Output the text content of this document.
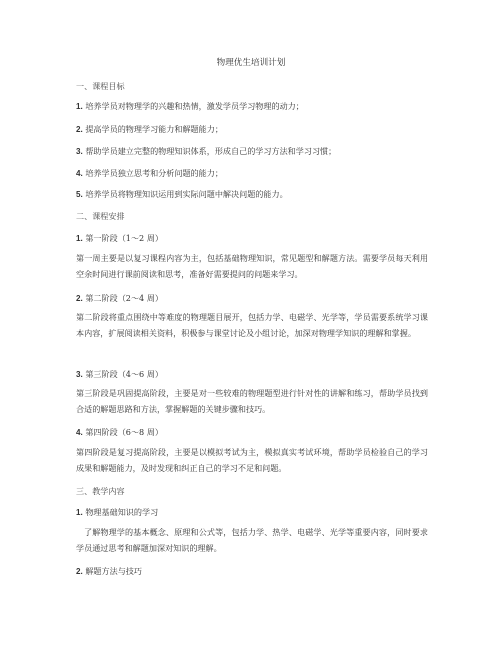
物理优生培训计划
一、课程目标
1. 培养学员对物理学的兴趣和热情，激发学员学习物理的动力；
2. 提高学员的物理学习能力和解题能力；
3. 帮助学员建立完整的物理知识体系，形成自己的学习方法和学习习惯；
4. 培养学员独立思考和分析问题的能力；
5. 培养学员将物理知识运用到实际问题中解决问题的能力。
二、课程安排
1. 第一阶段（1～2 周）
第一周主要是以复习课程内容为主，包括基础物理知识，常见题型和解题方法。需要学员每天利用空余时间进行课前阅读和思考，准备好需要提问的问题来学习。
2. 第二阶段（2～4 周）
第二阶段将重点围绕中等难度的物理题目展开，包括力学、电磁学、光学等，学员需要系统学习课本内容，扩展阅读相关资料，积极参与课堂讨论及小组讨论，加深对物理学知识的理解和掌握。
3. 第三阶段（4～6 周）
第三阶段是巩固提高阶段，主要是对一些较难的物理题型进行针对性的讲解和练习，帮助学员找到合适的解题思路和方法，掌握解题的关键步骤和技巧。
4. 第四阶段（6～8 周）
第四阶段是复习提高阶段，主要是以模拟考试为主，模拟真实考试环境，帮助学员检验自己的学习成果和解题能力，及时发现和纠正自己的学习不足和问题。
三、教学内容
1. 物理基础知识的学习
了解物理学的基本概念、原理和公式等，包括力学、热学、电磁学、光学等重要内容，同时要求学员通过思考和解题加深对知识的理解。
2. 解题方法与技巧
